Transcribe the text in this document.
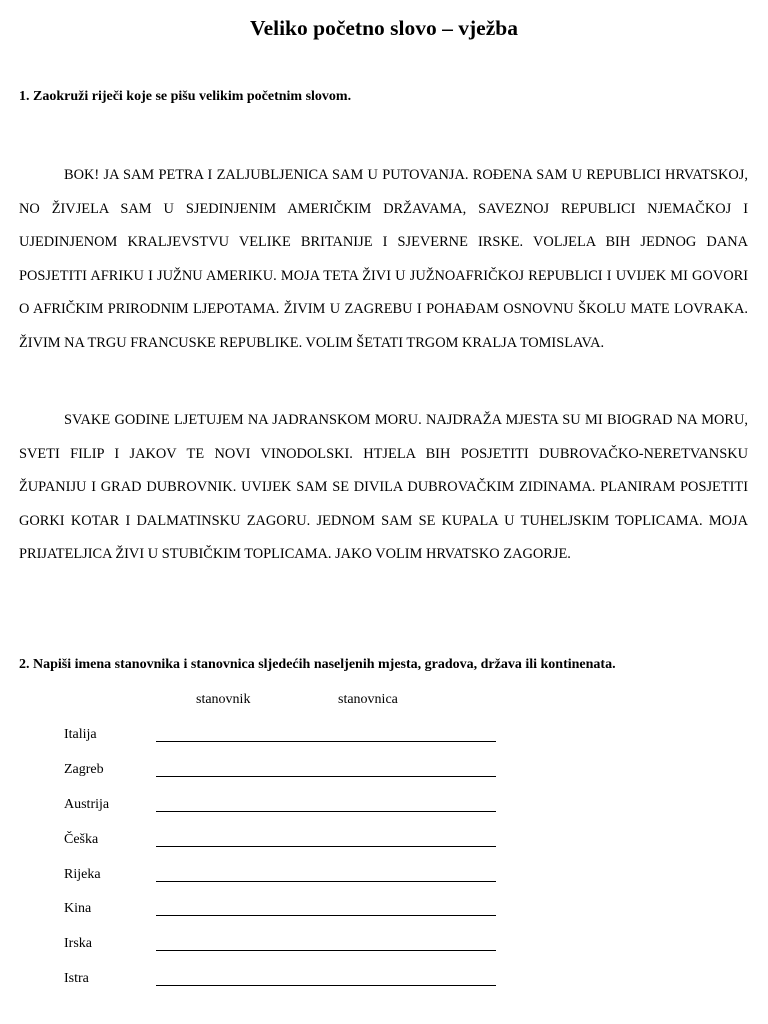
Veliko početno slovo – vježba
1. Zaokruži riječi koje se pišu velikim početnim slovom.

BOK! JA SAM PETRA I ZALJUBLJENICA SAM U PUTOVANJA. ROĐENA SAM U REPUBLICI HRVATSKOJ, NO ŽIVJELA SAM U SJEDINJENIM AMERIČKIM DRŽAVAMA, SAVEZNOJ REPUBLICI NJEMAČKOJ I UJEDINJENOM KRALJEVSTVU VELIKE BRITANIJE I SJEVERNE IRSKE. VOLJELA BIH JEDNOG DANA POSJETITI AFRIKU I JUŽNU AMERIKU. MOJA TETA ŽIVI U JUŽNOAFRIČKOJ REPUBLICI I UVIJEK MI GOVORI O AFRIČKIM PRIRODNIM LJEPOTAMA. ŽIVIM U ZAGREBU I POHAĐAM OSNOVNU ŠKOLU MATE LOVRAKA. ŽIVIM NA TRGU FRANCUSKE REPUBLIKE. VOLIM ŠETATI TRGOM KRALJA TOMISLAVA.

SVAKE GODINE LJETUJEM NA JADRANSKOM MORU. NAJDRAŽA MJESTA SU MI BIOGRAD NA MORU, SVETI FILIP I JAKOV TE NOVI VINODOLSKI. HTJELA BIH POSJETITI DUBROVAČKO-NERETVANSKU ŽUPANIJU I GRAD DUBROVNIK. UVIJEK SAM SE DIVILA DUBROVAČKIM ZIDINAMA. PLANIRAM POSJETITI GORKI KOTAR I DALMATINSKU ZAGORU. JEDNOM SAM SE KUPALA U TUHELJSKIM TOPLICAMA. MOJA PRIJATELJICA ŽIVI U STUBIČKIM TOPLICAMA. JAKO VOLIM HRVATSKO ZAGORJE.

2. Napiši imena stanovnika i stanovnica sljedećih naseljenih mjesta, gradova, država ili kontinenata.
stanovnik	stanovnica
Italija
Zagreb
Austrija
Češka
Rijeka
Kina
Irska
Istra
